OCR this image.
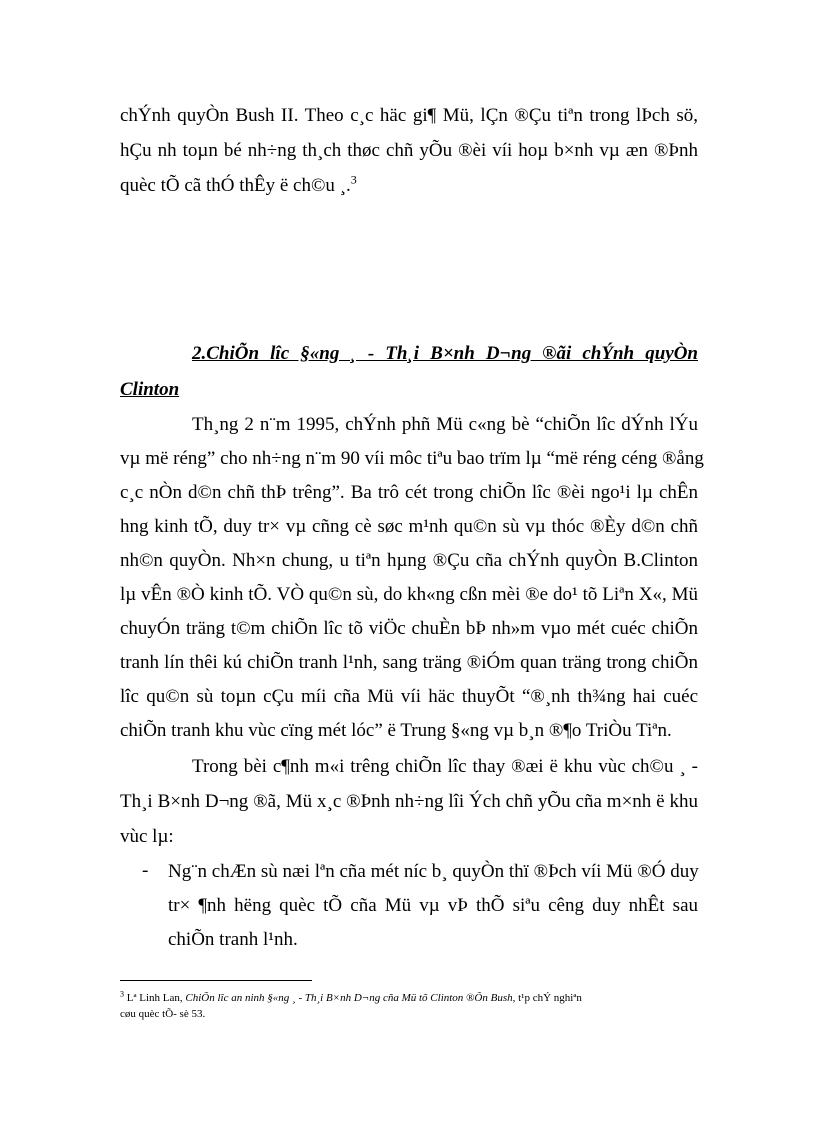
chÝnh quyÒn Bush II. Theo c¸c häc gi¶ Mü, lÇn ®Çu tiªn trong lÞch sö,
hÇu nh toµn bé nh÷ng th¸ch thøc chñ yÕu ®èi víi hoµ b×nh vµ æn ®Þnh
quèc tÕ cã thÓ thÊy ë ch©u ¸.$^3$
2.ChiÕn lîc §«ng ¸ - Th¸i B×nh D¬ng ®ãi chÝnh quyÒn
Clinton
Th¸ng 2 n¨m 1995, chÝnh phñ Mü c«ng bè “chiÕn lîc dÝnh lÝu
vµ më réng” cho nh÷ng n¨m 90 víi môc tiªu bao trïm lµ “më réng céng ®ång
c¸c nÒn d©n chñ thÞ trêng”. Ba trô cét trong chiÕn lîc ®èi ngo¹i lµ chÊn
hng kinh tÕ, duy tr× vµ cñng cè søc m¹nh qu©n sù vµ thóc ®Èy d©n chñ
nh©n quyÒn. Nh×n chung, u tiªn hµng ®Çu cña chÝnh quyÒn B.Clinton
lµ vÊn ®Ò kinh tÕ. VÒ qu©n sù, do kh«ng cßn mèi ®e do¹ tõ Liªn X«, Mü
chuyÓn träng t©m chiÕn lîc tõ viÖc chuÈn bÞ nh»m vµo mét cuéc chiÕn
tranh lín thêi kú chiÕn tranh l¹nh, sang träng ®iÓm quan träng trong chiÕn
lîc qu©n sù toµn cÇu míi cña Mü víi häc thuyÕt “®¸nh th¾ng hai cuéc
chiÕn tranh khu vùc cïng mét lóc” ë Trung §«ng vµ b¸n ®¶o TriÒu Tiªn.
Trong bèi c¶nh m«i trêng chiÕn lîc thay ®æi ë khu vùc ch©u ¸ -
Th¸i B×nh D¬ng ®ã, Mü x¸c ®Þnh nh÷ng lîi Ých chñ yÕu cña m×nh ë khu
vùc lµ:
- Ng¨n chÆn sù næi lªn cña mét níc b¸ quyÒn thï ®Þch víi Mü ®Ó duy
tr× ¶nh hëng quèc tÕ cña Mü vµ vÞ thÕ siªu cêng duy nhÊt sau
chiÕn tranh l¹nh.
$^3$ Lª Linh Lan, ChiÕn lîc an ninh §«ng ¸ - Th¸i B×nh D¬ng cña Mü tõ Clinton ®Õn Bush, t¹p chÝ nghiªn
cøu quèc tÕ- sè 53.
